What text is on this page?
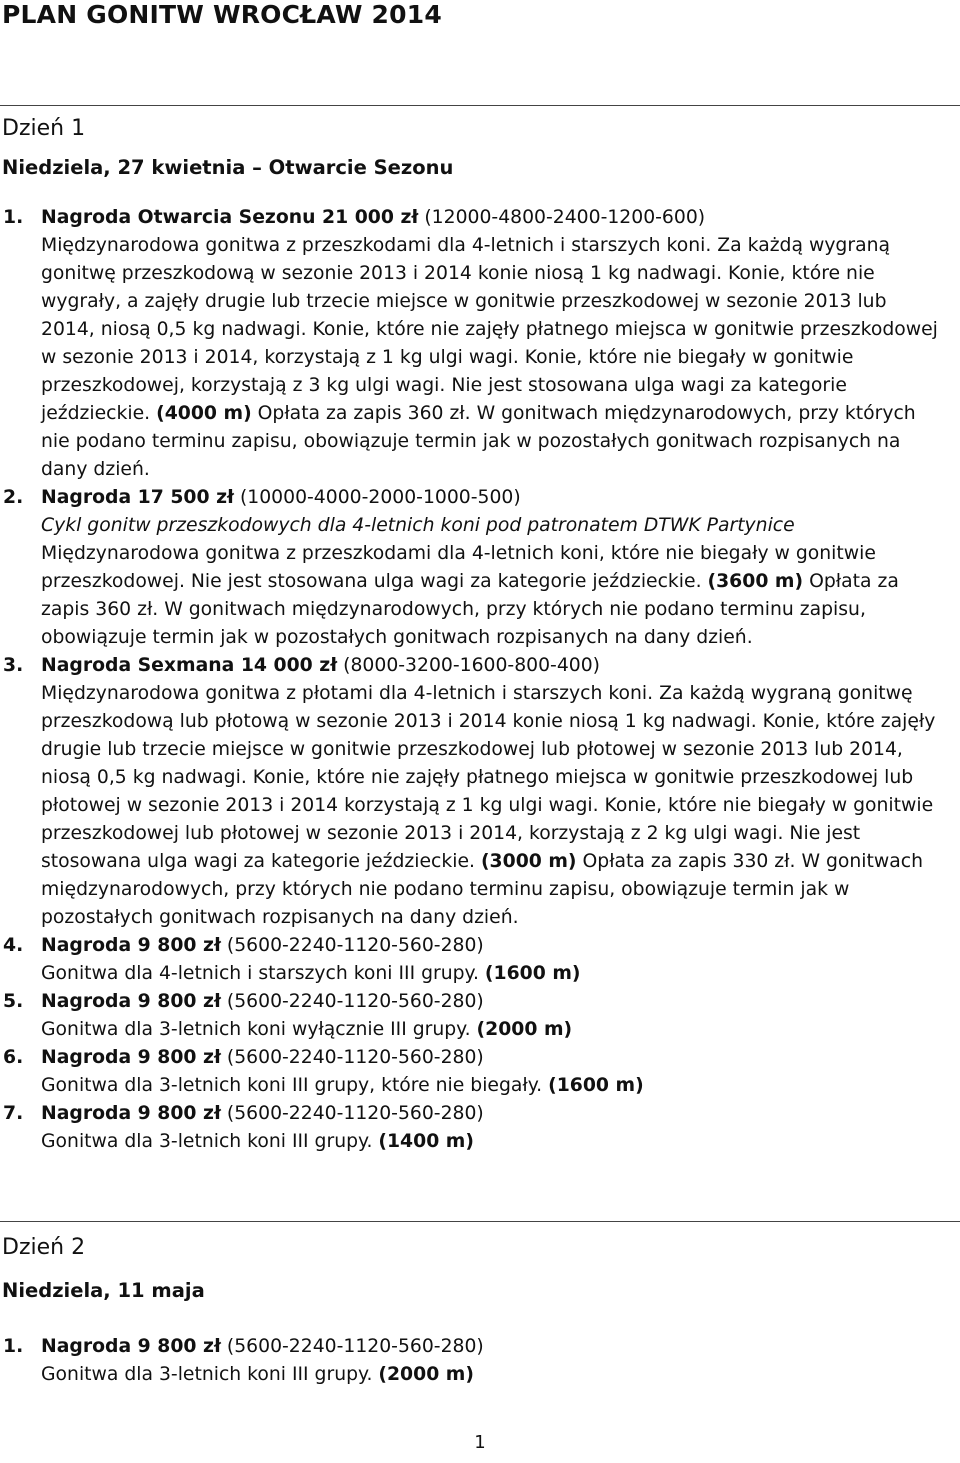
PLAN GONITW WROCŁAW 2014
Dzień 1
Niedziela, 27 kwietnia – Otwarcie Sezonu
1. Nagroda Otwarcia Sezonu 21 000 zł (12000-4800-2400-1200-600)
Międzynarodowa gonitwa z przeszkodami dla 4-letnich i starszych koni. Za każdą wygraną gonitwę przeszkodową w sezonie 2013 i 2014 konie niosą 1 kg nadwagi. Konie, które nie wygrały, a zajęły drugie lub trzecie miejsce w gonitwie przeszkodowej w sezonie 2013 lub 2014, niosą 0,5 kg nadwagi. Konie, które nie zajęły płatnego miejsca w gonitwie przeszkodowej w sezonie 2013 i 2014, korzystają z 1 kg ulgi wagi. Konie, które nie biegały w gonitwie przeszkodowej, korzystają z 3 kg ulgi wagi. Nie jest stosowana ulga wagi za kategorie jeździeckie. (4000 m) Opłata za zapis 360 zł. W gonitwach międzynarodowych, przy których nie podano terminu zapisu, obowiązuje termin jak w pozostałych gonitwach rozpisanych na dany dzień.
2. Nagroda 17 500 zł (10000-4000-2000-1000-500)
Cykl gonitw przeszkodowych dla 4-letnich koni pod patronatem DTWK Partynice
Międzynarodowa gonitwa z przeszkodami dla 4-letnich koni, które nie biegały w gonitwie przeszkodowej. Nie jest stosowana ulga wagi za kategorie jeździeckie. (3600 m) Opłata za zapis 360 zł. W gonitwach międzynarodowych, przy których nie podano terminu zapisu, obowiązuje termin jak w pozostałych gonitwach rozpisanych na dany dzień.
3. Nagroda Sexmana 14 000 zł (8000-3200-1600-800-400)
Międzynarodowa gonitwa z płotami dla 4-letnich i starszych koni. Za każdą wygraną gonitwę przeszkodową lub płotową w sezonie 2013 i 2014 konie niosą 1 kg nadwagi. Konie, które zajęły drugie lub trzecie miejsce w gonitwie przeszkodowej lub płotowej w sezonie 2013 lub 2014, niosą 0,5 kg nadwagi. Konie, które nie zajęły płatnego miejsca w gonitwie przeszkodowej lub płotowej w sezonie 2013 i 2014 korzystają z 1 kg ulgi wagi. Konie, które nie biegały w gonitwie przeszkodowej lub płotowej w sezonie 2013 i 2014, korzystają z 2 kg ulgi wagi. Nie jest stosowana ulga wagi za kategorie jeździeckie. (3000 m) Opłata za zapis 330 zł. W gonitwach międzynarodowych, przy których nie podano terminu zapisu, obowiązuje termin jak w pozostałych gonitwach rozpisanych na dany dzień.
4. Nagroda 9 800 zł (5600-2240-1120-560-280)
Gonitwa dla 4-letnich i starszych koni III grupy. (1600 m)
5. Nagroda 9 800 zł (5600-2240-1120-560-280)
Gonitwa dla 3-letnich koni wyłącznie III grupy. (2000 m)
6. Nagroda 9 800 zł (5600-2240-1120-560-280)
Gonitwa dla 3-letnich koni III grupy, które nie biegały. (1600 m)
7. Nagroda 9 800 zł (5600-2240-1120-560-280)
Gonitwa dla 3-letnich koni III grupy. (1400 m)
Dzień 2
Niedziela, 11 maja
1. Nagroda 9 800 zł (5600-2240-1120-560-280)
Gonitwa dla 3-letnich koni III grupy. (2000 m)
1
